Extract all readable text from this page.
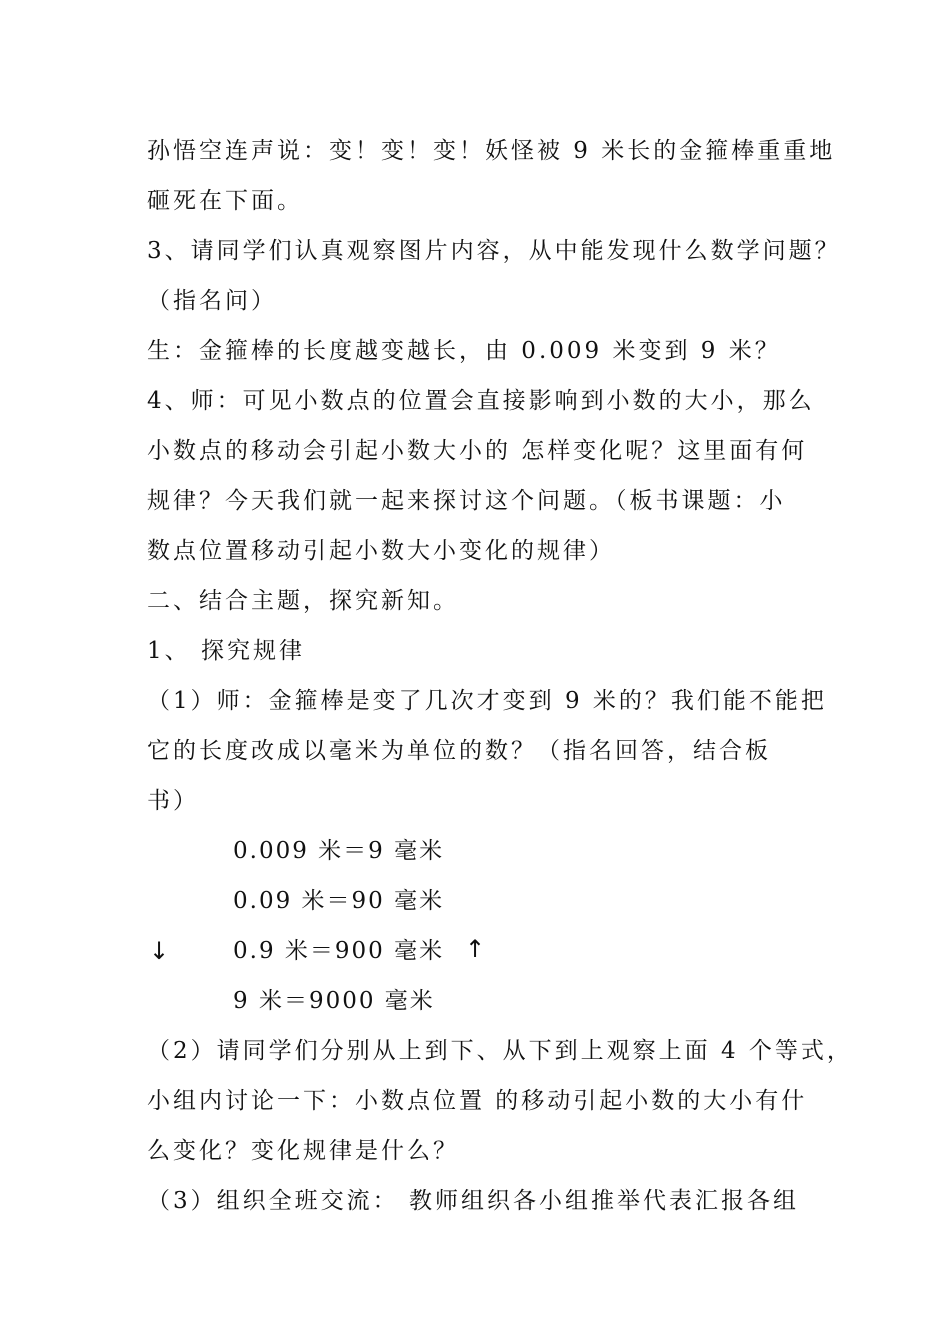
孙悟空连声说：变！变！变！妖怪被 9 米长的金箍棒重重地
砸死在下面。
3、请同学们认真观察图片内容，从中能发现什么数学问题？
（指名问）
生：金箍棒的长度越变越长，由 0.009 米变到 9 米？
4、师：可见小数点的位置会直接影响到小数的大小，那么
小数点的移动会引起小数大小的 怎样变化呢？这里面有何
规律？今天我们就一起来探讨这个问题。（板书课题：小
数点位置移动引起小数大小变化的规律）
二、结合主题，探究新知。
1、 探究规律
（1）师：金箍棒是变了几次才变到 9 米的？我们能不能把
它的长度改成以毫米为单位的数？（指名回答，结合板
书）
0.009 米＝9 毫米
0.09 米＝90 毫米
↓	0.9 米＝900 毫米 ↑
9 米＝9000 毫米
（2）请同学们分别从上到下、从下到上观察上面 4 个等式，
小组内讨论一下：小数点位置 的移动引起小数的大小有什
么变化？变化规律是什么？
（3）组织全班交流： 教师组织各小组推举代表汇报各组
